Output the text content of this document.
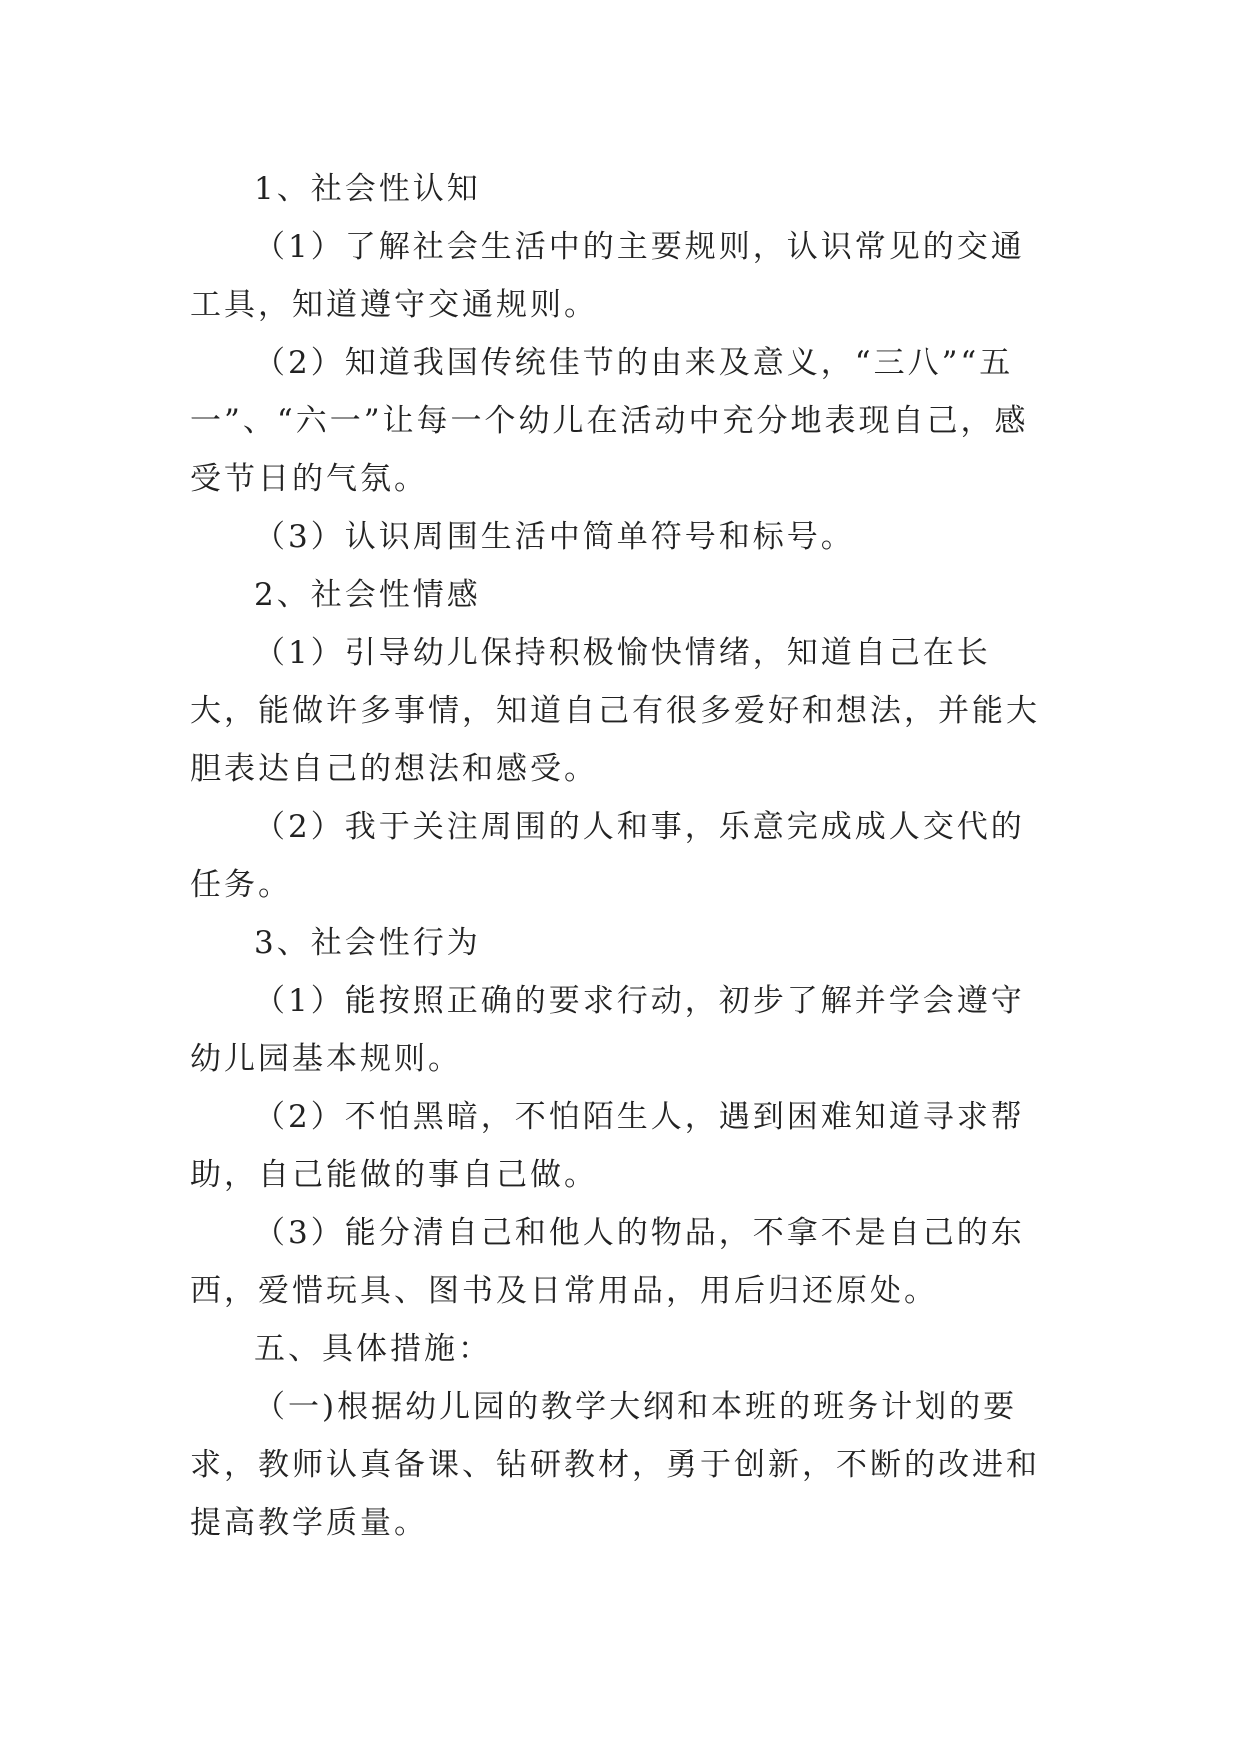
1、社会性认知

（1）了解社会生活中的主要规则，认识常见的交通工具，知道遵守交通规则。

（2）知道我国传统佳节的由来及意义，“三八”“五一”、“六一”让每一个幼儿在活动中充分地表现自己，感受节日的气氛。

（3）认识周围生活中简单符号和标号。

2、社会性情感

（1）引导幼儿保持积极愉快情绪，知道自己在长大，能做许多事情，知道自己有很多爱好和想法，并能大胆表达自己的想法和感受。

（2）我于关注周围的人和事，乐意完成成人交代的任务。

3、社会性行为

（1）能按照正确的要求行动，初步了解并学会遵守幼儿园基本规则。

（2）不怕黑暗，不怕陌生人，遇到困难知道寻求帮助，自己能做的事自己做。

（3）能分清自己和他人的物品，不拿不是自己的东西，爱惜玩具、图书及日常用品，用后归还原处。

五、具体措施：

（一)根据幼儿园的教学大纲和本班的班务计划的要求，教师认真备课、钻研教材，勇于创新，不断的改进和提高教学质量。
